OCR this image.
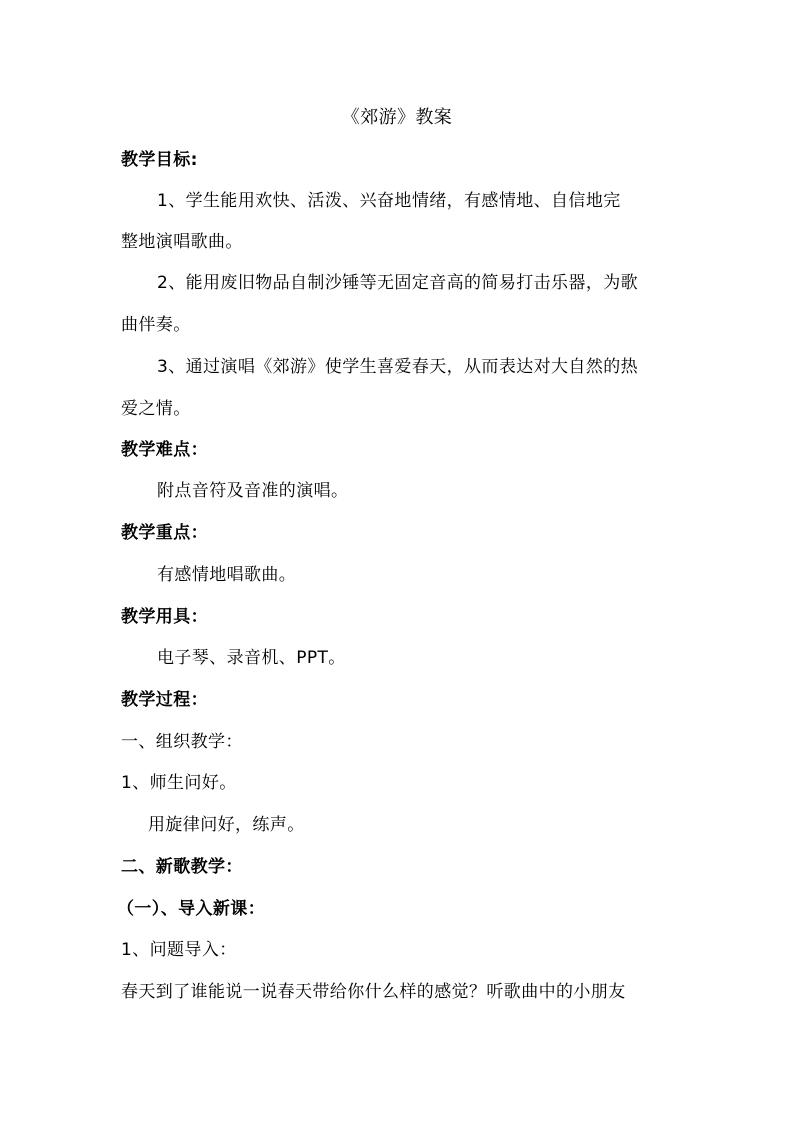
《郊游》教案
教学目标:
1、学生能用欢快、活泼、兴奋地情绪，有感情地、自信地完
整地演唱歌曲。
2、能用废旧物品自制沙锤等无固定音高的简易打击乐器，为歌
曲伴奏。
3、通过演唱《郊游》使学生喜爱春天，从而表达对大自然的热
爱之情。
教学难点：
附点音符及音准的演唱。
教学重点：
有感情地唱歌曲。
教学用具：
电子琴、录音机、PPT。
教学过程：
一、组织教学：
1、师生问好。
用旋律问好，练声。
二、新歌教学：
（一）、导入新课：
1、问题导入：
春天到了谁能说一说春天带给你什么样的感觉？听歌曲中的小朋友
